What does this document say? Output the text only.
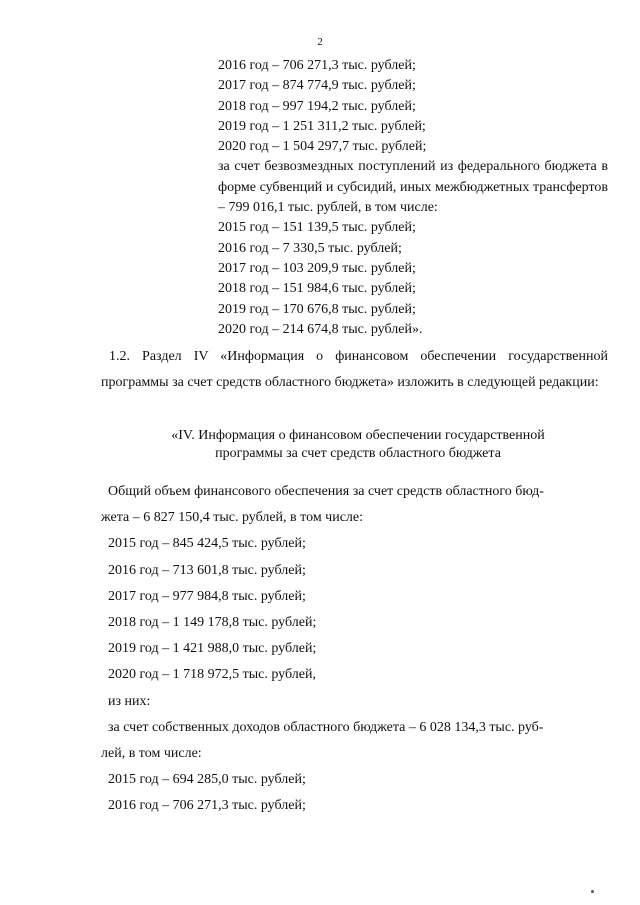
2
2016 год – 706 271,3 тыс. рублей;
2017 год – 874 774,9 тыс. рублей;
2018 год – 997 194,2 тыс. рублей;
2019 год – 1 251 311,2 тыс. рублей;
2020 год – 1 504 297,7 тыс. рублей;
за счет безвозмездных поступлений из федерального бюджета в форме субвенций и субсидий, иных межбюджетных трансфертов – 799 016,1 тыс. рублей, в том числе:
2015 год – 151 139,5 тыс. рублей;
2016 год – 7 330,5 тыс. рублей;
2017 год – 103 209,9 тыс. рублей;
2018 год – 151 984,6 тыс. рублей;
2019 год – 170 676,8 тыс. рублей;
2020 год – 214 674,8 тыс. рублей».
1.2. Раздел IV «Информация о финансовом обеспечении государственной программы за счет средств областного бюджета» изложить в следующей редакции:
«IV. Информация о финансовом обеспечении государственной
программы за счет средств областного бюджета
Общий объем финансового обеспечения за счет средств областного бюд-
жета – 6 827 150,4 тыс. рублей, в том числе:
2015 год – 845 424,5 тыс. рублей;
2016 год – 713 601,8 тыс. рублей;
2017 год – 977 984,8 тыс. рублей;
2018 год – 1 149 178,8 тыс. рублей;
2019 год – 1 421 988,0 тыс. рублей;
2020 год – 1 718 972,5 тыс. рублей,
из них:
за счет собственных доходов областного бюджета – 6 028 134,3 тыс. руб-
лей, в том числе:
2015 год – 694 285,0 тыс. рублей;
2016 год – 706 271,3 тыс. рублей;
